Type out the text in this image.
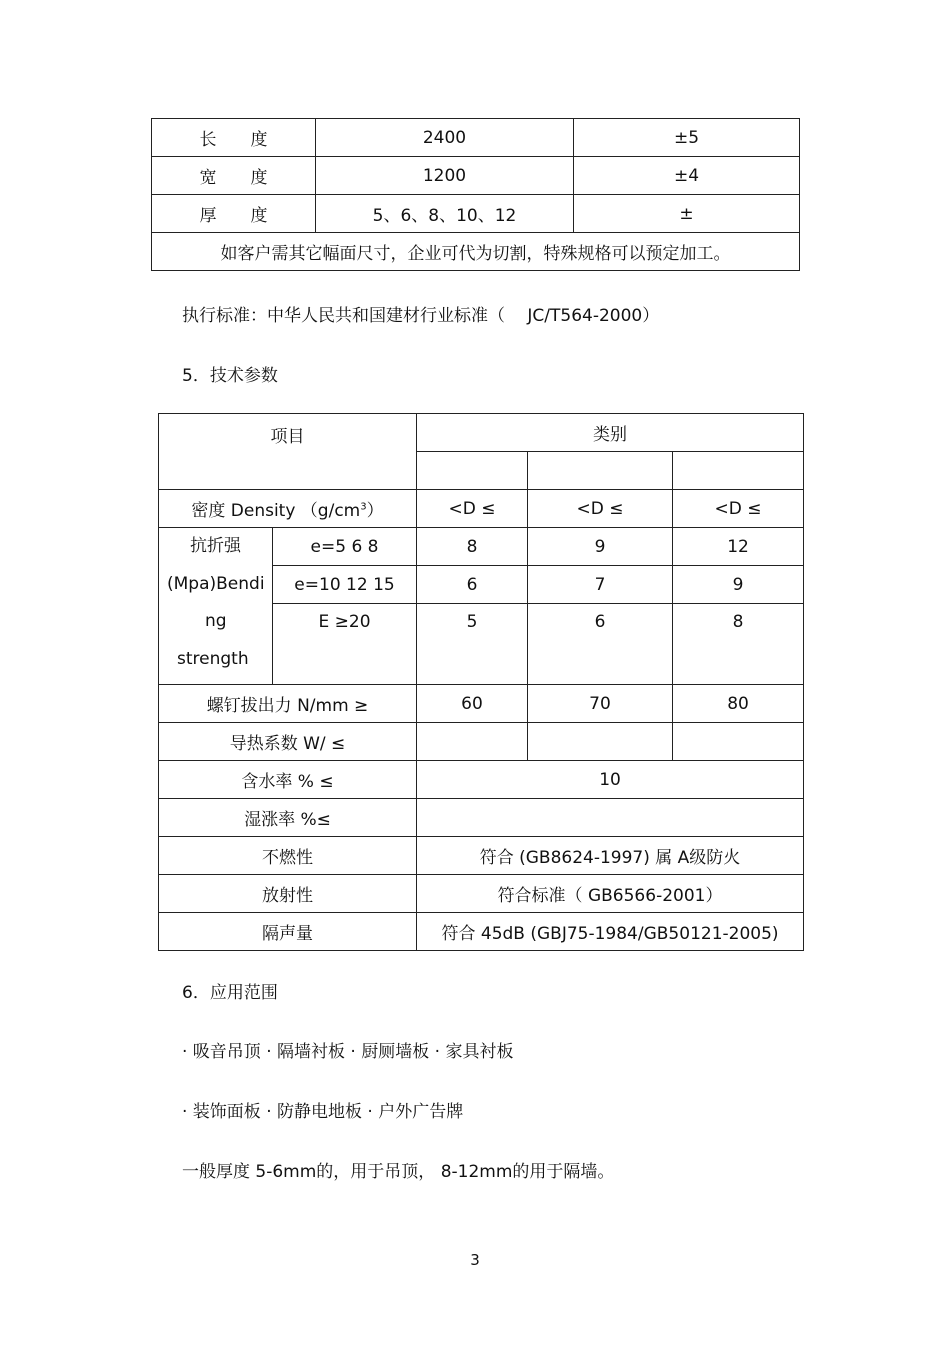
长　　度	2400	±5
宽　　度	1200	±4
厚　　度	5、6、8、10、12	±
如客户需其它幅面尺寸，企业可代为切割，特殊规格可以预定加工。		
执行标准：中华人民共和国建材行业标准（　 JC/T564-2000）
5．技术参数
项目		类别		

密度 Density $(g/cm^3)$		<D ≤	<D ≤	<D ≤

抗折强
(Mpa)Bendi
ng
strength	e=5 6 8	8	9	12
	e=10 12 15	6	7	9
	E ≥20	5	6	8
螺钉拔出力 N/mm ≥		60	70	80
导热系数 W/ ≤				
含水率 % ≤		10		
湿涨率 %≤				
不燃性		符合 (GB8624-1997) 属 A级防火		
放射性		符合标准（ GB6566-2001）		
隔声量		符合 45dB (GBJ75-1984/GB50121-2005)		
6．应用范围
· 吸音吊顶 · 隔墙衬板 · 厨厕墙板 · 家具衬板
· 装饰面板 · 防静电地板 · 户外广告牌
一般厚度 5-6mm的，用于吊顶， 8-12mm的用于隔墙。
3
